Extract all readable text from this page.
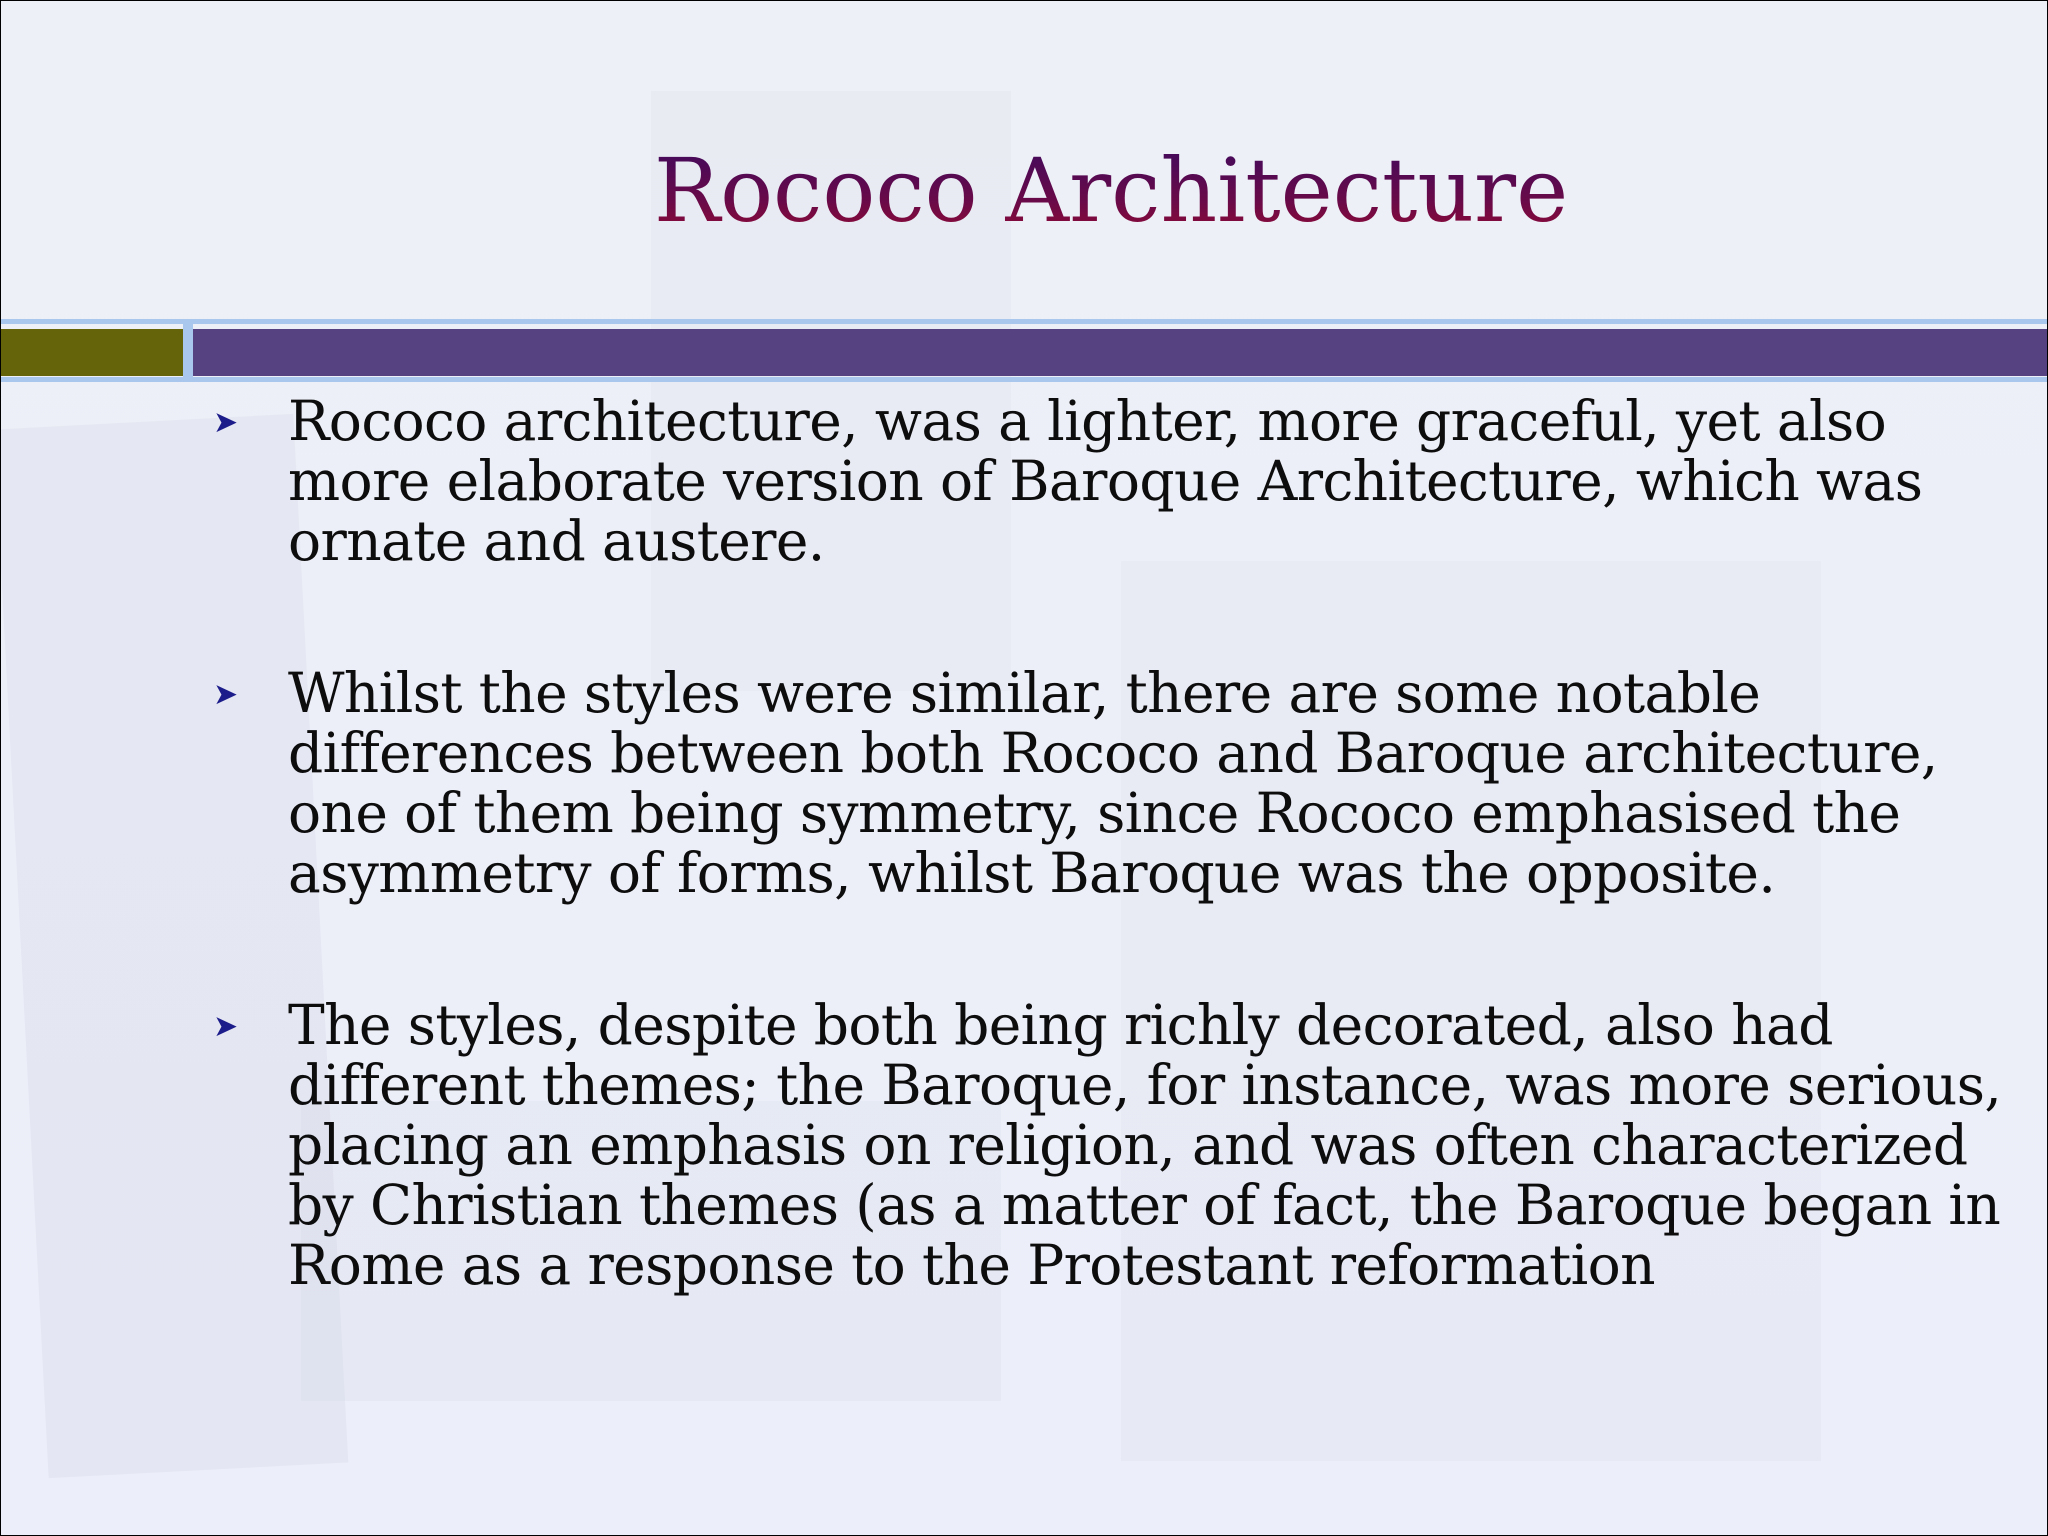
Rococo Architecture
➤ Rococo architecture, was a lighter, more graceful, yet also
more elaborate version of Baroque Architecture, which was
ornate and austere.
➤ Whilst the styles were similar, there are some notable
differences between both Rococo and Baroque architecture,
one of them being symmetry, since Rococo emphasised the
asymmetry of forms, whilst Baroque was the opposite.
➤ The styles, despite both being richly decorated, also had
different themes; the Baroque, for instance, was more serious,
placing an emphasis on religion, and was often characterized
by Christian themes (as a matter of fact, the Baroque began in
Rome as a response to the Protestant reformation
